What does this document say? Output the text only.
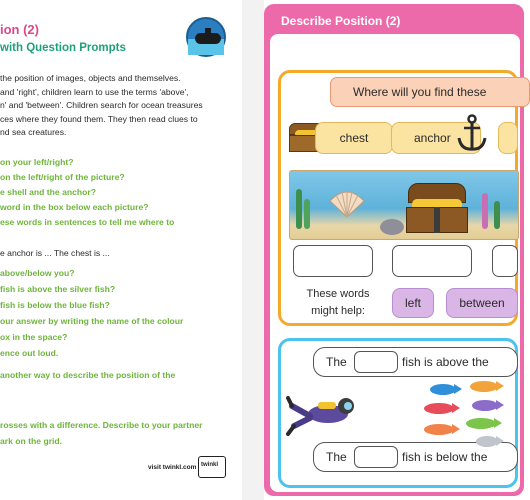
ion (2)
with Question Prompts
the position of images, objects and themselves.
and 'right', children learn to use the terms 'above',
n' and 'between'. Children search for ocean treasures
ces where they found them. They then read clues to
nd sea creatures.
on your left/right?
on the left/right of the picture?
e shell and the anchor?
word in the box below each picture?
ese words in sentences to tell me where to
e anchor is ... The chest is ...
above/below you?
fish is above the silver fish?
fish is below the blue fish?
our answer by writing the name of the colour
ox in the space?
ence out loud.
another way to describe the position of the
rosses with a difference. Describe to your partner
ark on the grid.
visit twinkl.com twinkl
Describe Position (2)
Where will you find these
chest	anchor
These words might help:
left	between
The	fish is above the
The	fish is below the
